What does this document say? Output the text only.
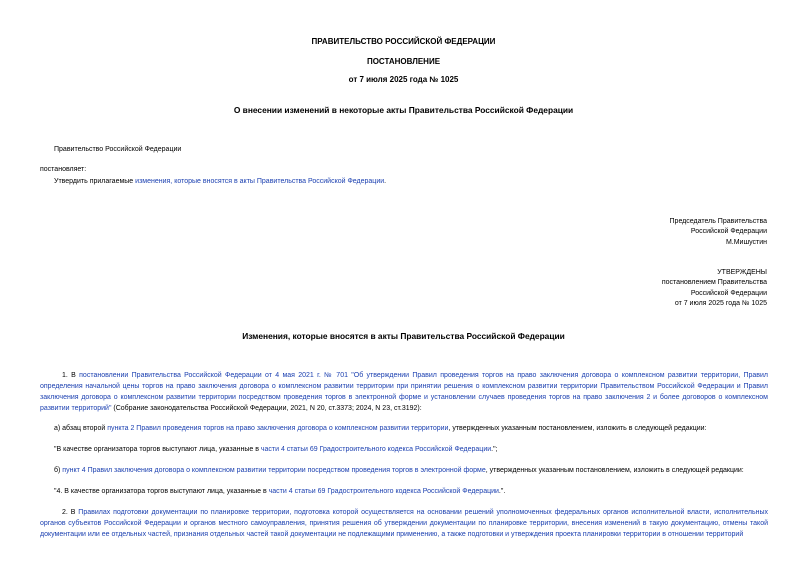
ПРАВИТЕЛЬСТВО РОССИЙСКОЙ ФЕДЕРАЦИИ
ПОСТАНОВЛЕНИЕ
от 7 июля 2025 года № 1025
О внесении изменений в некоторые акты Правительства Российской Федерации
Правительство Российской Федерации
постановляет:
Утвердить прилагаемые изменения, которые вносятся в акты Правительства Российской Федерации.
Председатель Правительства
Российской Федерации
М.Мишустин
УТВЕРЖДЕНЫ
постановлением Правительства
Российской Федерации
от 7 июля 2025 года № 1025
Изменения, которые вносятся в акты Правительства Российской Федерации
1. В постановлении Правительства Российской Федерации от 4 мая 2021 г. № 701 "Об утверждении Правил проведения торгов на право заключения договора о комплексном развитии территории, Правил определения начальной цены торгов на право заключения договора о комплексном развитии территории при принятии решения о комплексном развитии территории Правительством Российской Федерации и Правил заключения договора о комплексном развитии территории посредством проведения торгов в электронной форме и установлении случаев проведения торгов на право заключения 2 и более договоров о комплексном развитии территорий" (Собрание законодательства Российской Федерации, 2021, N 20, ст.3373; 2024, N 23, ст.3192):
а) абзац второй пункта 2 Правил проведения торгов на право заключения договора о комплексном развитии территории, утвержденных указанным постановлением, изложить в следующей редакции:
"В качестве организатора торгов выступают лица, указанные в части 4 статьи 69 Градостроительного кодекса Российской Федерации.";
б) пункт 4 Правил заключения договора о комплексном развитии территории посредством проведения торгов в электронной форме, утвержденных указанным постановлением, изложить в следующей редакции:
"4. В качестве организатора торгов выступают лица, указанные в части 4 статьи 69 Градостроительного кодекса Российской Федерации.".
2. В Правилах подготовки документации по планировке территории, подготовка которой осуществляется на основании решений уполномоченных федеральных органов исполнительной власти, исполнительных органов субъектов Российской Федерации и органов местного самоуправления, принятия решения об утверждении документации по планировке территории, внесения изменений в такую документацию, отмены такой документации или ее отдельных частей, признания отдельных частей такой документации не подлежащими применению, а также подготовки и утверждения проекта планировки территории в отношении территорий
